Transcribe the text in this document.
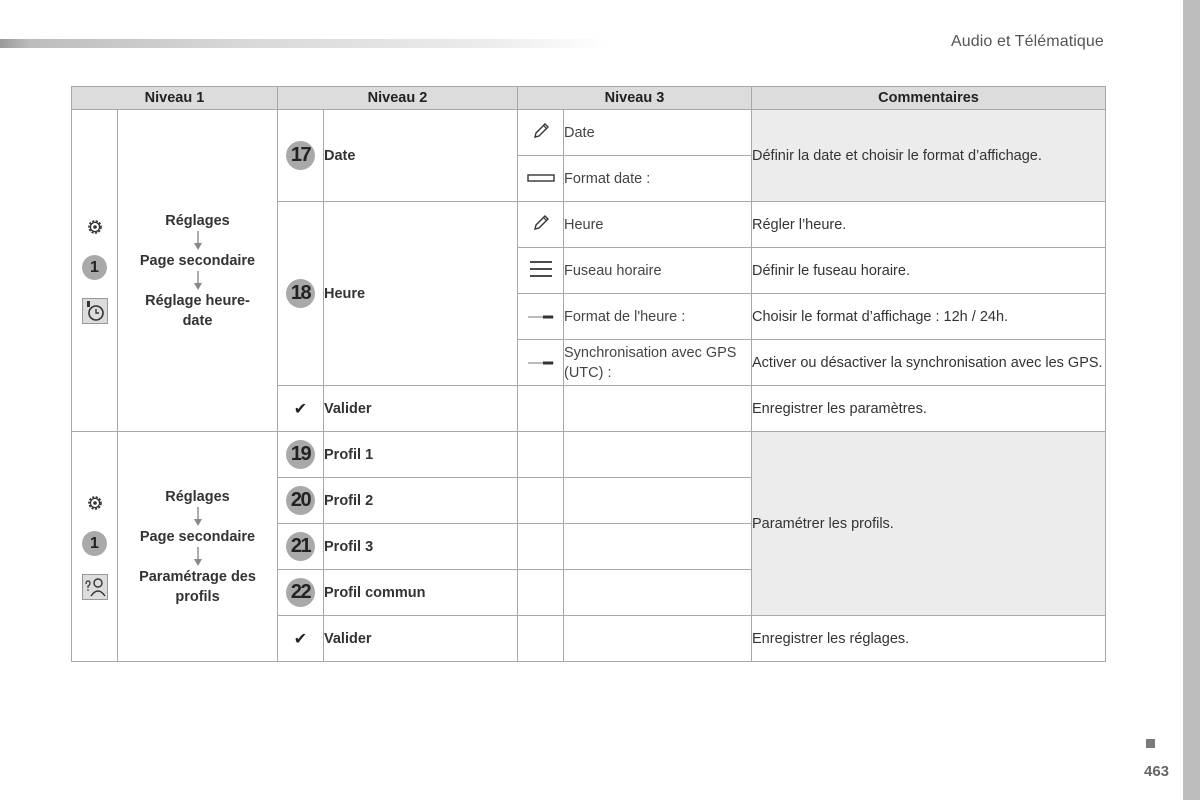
Audio et Télématique
463
Niveau 1		Niveau 2		Niveau 3		Commentaires

1	Réglages
Page secondaire
Réglage heure-date	17	Date		Date	Définir la date et choisir le format d’affichage.
	Format date :	
		18	Heure		Heure	Régler l’heure.
	Fuseau horaire	Définir le fuseau horaire.
	Format de l'heure :	Choisir le format d’affichage : 12h / 24h.
	Synchronisation avec GPS (UTC) :	Activer ou désactiver la synchronisation avec les GPS.
		✔	Valider			Enregistrer les paramètres.

1	Réglages
Page secondaire
Paramétrage des profils	19	Profil 1			Paramétrer les profils.
		20	Profil 2			
		21	Profil 3			
		22	Profil commun			
		✔	Valider			Enregistrer les réglages.
